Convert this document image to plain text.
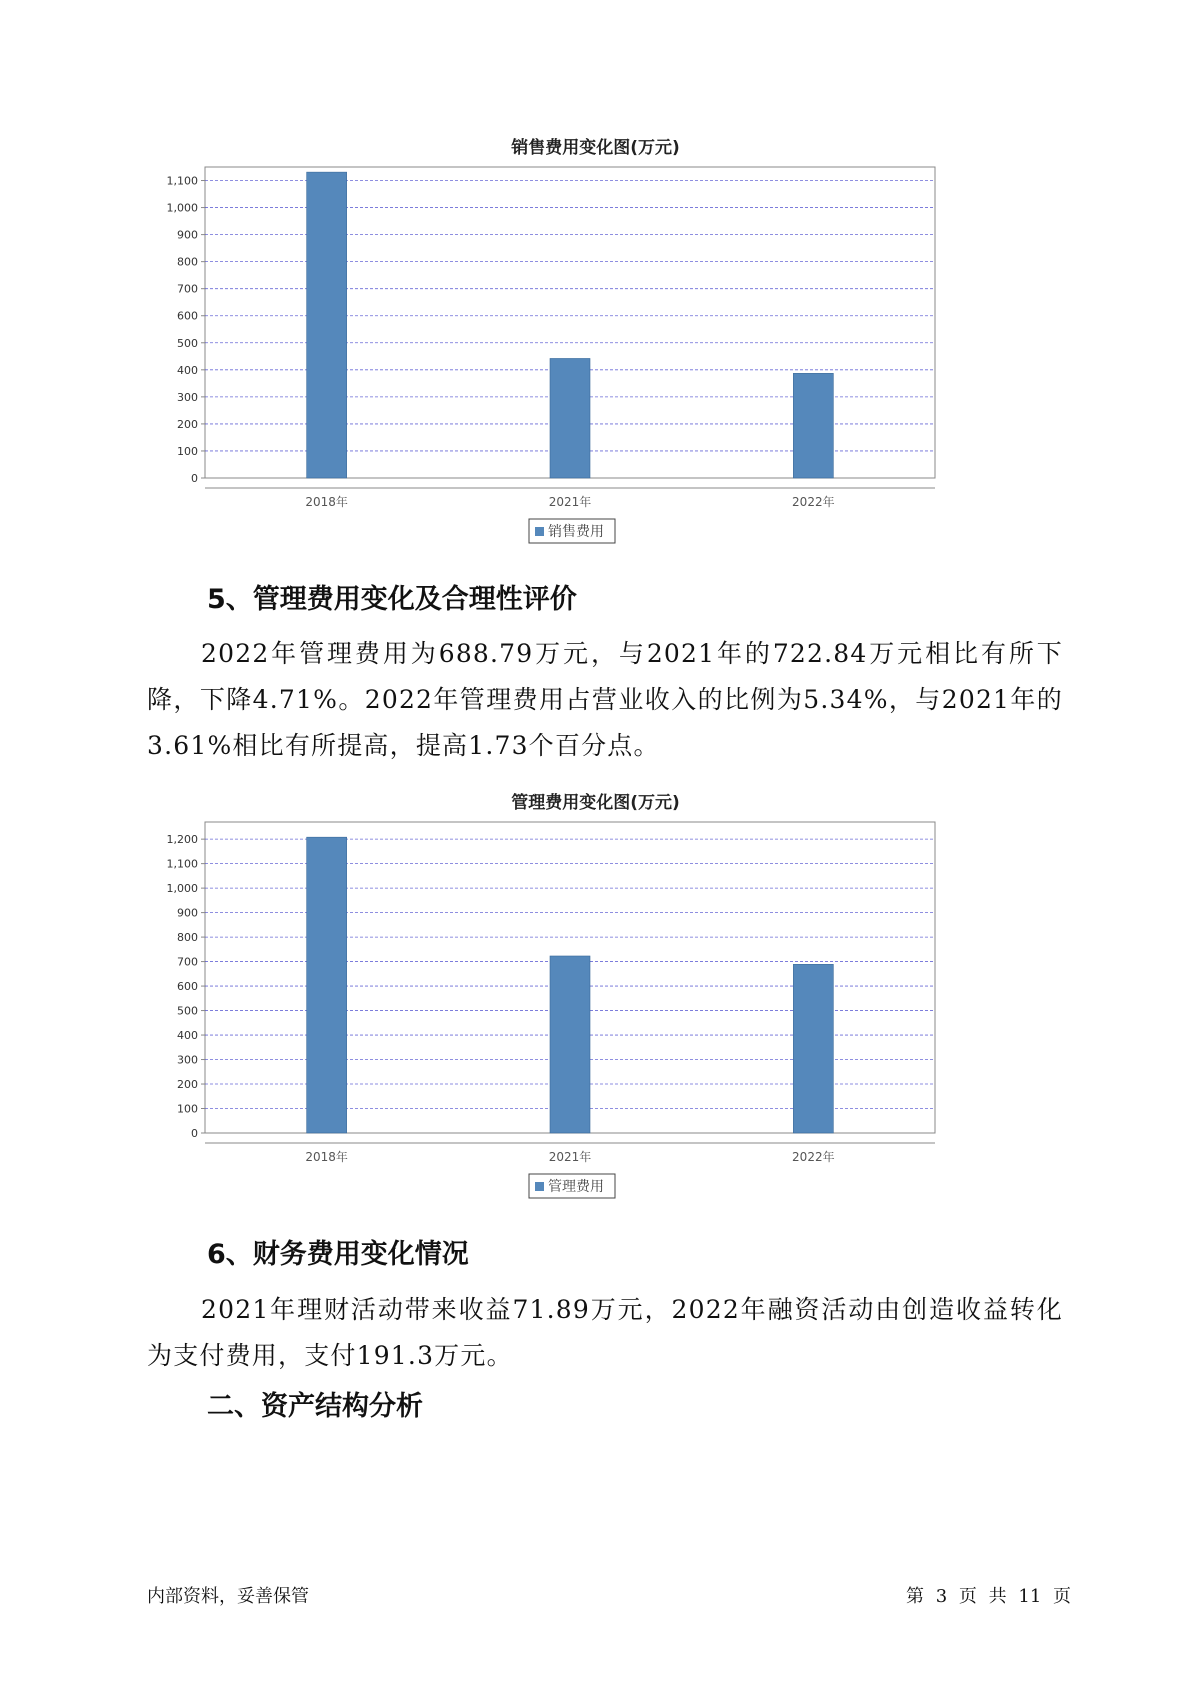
销售费用变化图(万元)
0
100
200
300
400
500
600
700
800
900
1,000
1,100
2018年	2021年	2022年
销售费用
5、管理费用变化及合理性评价
2022年管理费用为688.79万元，与2021年的722.84万元相比有所下降，下降4.71%。2022年管理费用占营业收入的比例为5.34%，与2021年的3.61%相比有所提高，提高1.73个百分点。
管理费用变化图(万元)
0
100
200
300
400
500
600
700
800
900
1,000
1,100
1,200
2018年	2021年	2022年
管理费用
6、财务费用变化情况
2021年理财活动带来收益71.89万元，2022年融资活动由创造收益转化为支付费用，支付191.3万元。
二、资产结构分析
内部资料，妥善保管	第 3 页 共 11 页
